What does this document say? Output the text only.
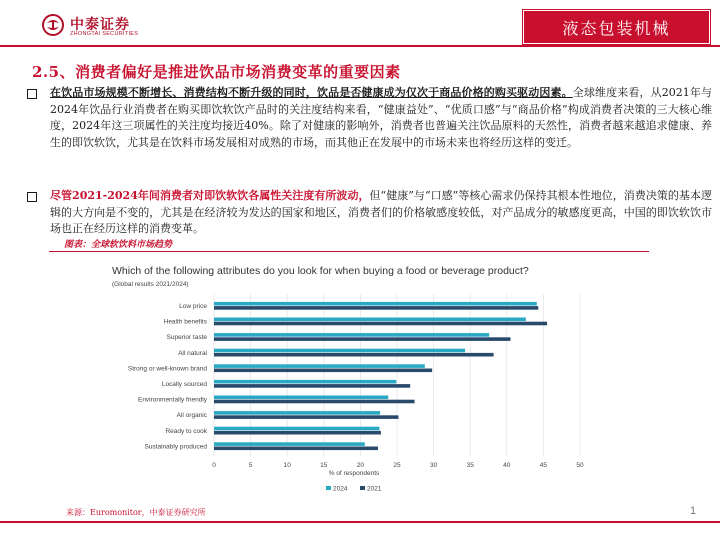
中泰证券
ZHONGTAI SECURITIES	液态包装机械
2.5、消费者偏好是推进饮品市场消费变革的重要因素
在饮品市场规模不断增长、消费结构不断升级的同时，饮品是否健康成为仅次于商品价格的购买驱动因素。全球维度来看，从2021年与2024年饮品行业消费者在购买即饮软饮产品时的关注度结构来看，“健康益处”、“优质口感”与“商品价格”构成消费者决策的三大核心维度，2024年这三项属性的关注度均接近40%。除了对健康的影响外，消费者也普遍关注饮品原料的天然性，消费者越来越追求健康、养生的即饮软饮，尤其是在饮料市场发展相对成熟的市场，而其他正在发展中的市场未来也将经历这样的变迁。
尽管2021-2024年间消费者对即饮软饮各属性关注度有所波动，但“健康”与“口感”等核心需求仍保持其根本性地位，消费决策的基本逻辑的大方向是不变的，尤其是在经济较为发达的国家和地区，消费者们的价格敏感度较低，对产品成分的敏感度更高，中国的即饮软饮市场也正在经历这样的消费变革。
图表：全球软饮料市场趋势
Which of the following attributes do you look for when buying a food or beverage product?
(Global results 2021/2024)
Low price
Health benefits
Superior taste
All natural
Strong or well-known brand
Locally sourced
Environmentally friendly
All organic
Ready to cook
Sustainably produced
0	5	10	15	20	25	30	35	40	45	50
% of respondents
2024	2021
来源：Euromonitor，中泰证券研究所	1
